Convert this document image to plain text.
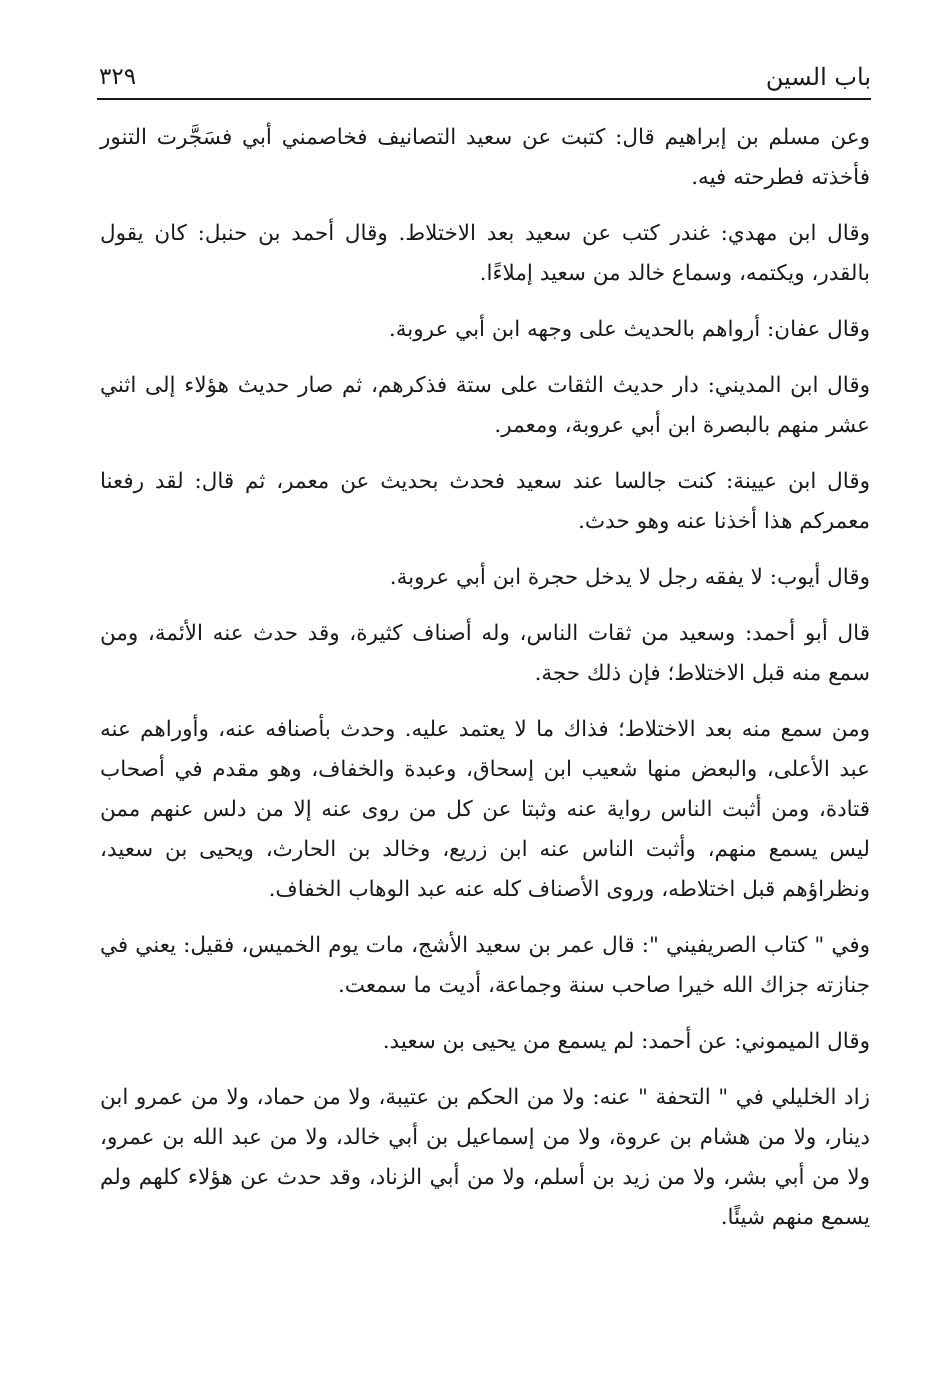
باب السين
٣٢٩

وعن مسلم بن إبراهيم قال: كتبت عن سعيد التصانيف فخاصمني أبي فسَجَّرت التنور فأخذته فطرحته فيه.

وقال ابن مهدي: غندر كتب عن سعيد بعد الاختلاط. وقال أحمد بن حنبل: كان يقول بالقدر، ويكتمه، وسماع خالد من سعيد إملاءًا.

وقال عفان: أرواهم بالحديث على وجهه ابن أبي عروبة.

وقال ابن المديني: دار حديث الثقات على ستة فذكرهم، ثم صار حديث هؤلاء إلى اثني عشر منهم بالبصرة ابن أبي عروبة، ومعمر.

وقال ابن عيينة: كنت جالسا عند سعيد فحدث بحديث عن معمر، ثم قال: لقد رفعنا معمركم هذا أخذنا عنه وهو حدث.

وقال أيوب: لا يفقه رجل لا يدخل حجرة ابن أبي عروبة.

قال أبو أحمد: وسعيد من ثقات الناس، وله أصناف كثيرة، وقد حدث عنه الأئمة، ومن سمع منه قبل الاختلاط؛ فإن ذلك حجة.

ومن سمع منه بعد الاختلاط؛ فذاك ما لا يعتمد عليه. وحدث بأصنافه عنه، وأوراهم عنه عبد الأعلى، والبعض منها شعيب ابن إسحاق، وعبدة والخفاف، وهو مقدم في أصحاب قتادة، ومن أثبت الناس رواية عنه وثبتا عن كل من روى عنه إلا من دلس عنهم ممن ليس يسمع منهم، وأثبت الناس عنه ابن زريع، وخالد بن الحارث، ويحيى بن سعيد، ونظراؤهم قبل اختلاطه، وروى الأصناف كله عنه عبد الوهاب الخفاف.

وفي " كتاب الصريفيني ": قال عمر بن سعيد الأشج، مات يوم الخميس، فقيل: يعني في جنازته جزاك الله خيرا صاحب سنة وجماعة، أديت ما سمعت.

وقال الميموني: عن أحمد: لم يسمع من يحيى بن سعيد.

زاد الخليلي في " التحفة " عنه: ولا من الحكم بن عتيبة، ولا من حماد، ولا من عمرو ابن دينار، ولا من هشام بن عروة، ولا من إسماعيل بن أبي خالد، ولا من عبد الله بن عمرو، ولا من أبي بشر، ولا من زيد بن أسلم، ولا من أبي الزناد، وقد حدث عن هؤلاء كلهم ولم يسمع منهم شيئًا.
